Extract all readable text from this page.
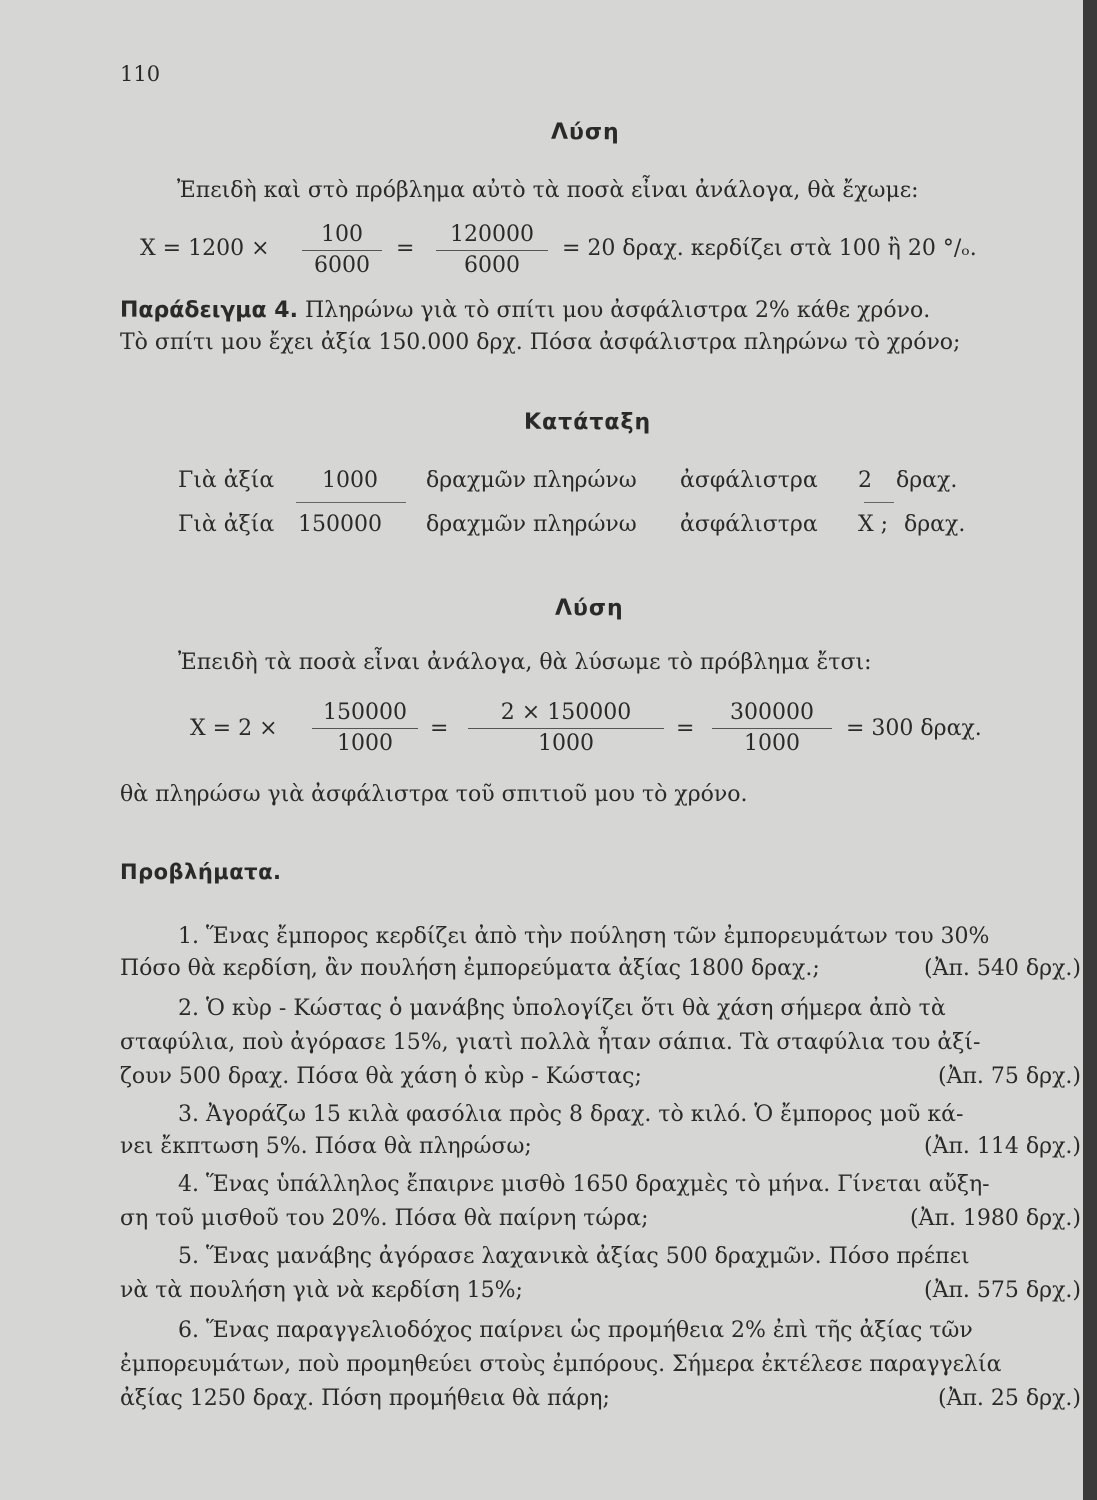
110
Λύση
Ἐπειδὴ καὶ στὸ πρόβλημα αὐτὸ τὰ ποσὰ εἶναι ἀνάλογα, θὰ ἔχωμε:
$X = 1200 \times \frac{100}{6000} = \frac{120000}{6000} = 20$ δραχ. κερδίζει στὰ 100 ἢ 20 °/ₒ.
Παράδειγμα 4. Πληρώνω γιὰ τὸ σπίτι μου ἀσφάλιστρα 2% κάθε χρόνο.
Τὸ σπίτι μου ἔχει ἀξία 150.000 δρχ. Πόσα ἀσφάλιστρα πληρώνω τὸ χρόνο;
Κατάταξη
Γιὰ ἀξία 1000 δραχμῶν πληρώνω ἀσφάλιστρα 2 δραχ.
Γιὰ ἀξία 150000 δραχμῶν πληρώνω ἀσφάλιστρα Χ ; δραχ.
Λύση
Ἐπειδὴ τὰ ποσὰ εἶναι ἀνάλογα, θὰ λύσωμε τὸ πρόβλημα ἔτσι:
$X = 2 \times \frac{150000}{1000} = \frac{2 \times 150000}{1000} = \frac{300000}{1000} = 300$ δραχ.
θὰ πληρώσω γιὰ ἀσφάλιστρα τοῦ σπιτιοῦ μου τὸ χρόνο.
Προβλήματα.
1. Ἕνας ἔμπορος κερδίζει ἀπὸ τὴν πούληση τῶν ἐμπορευμάτων του 30%
Πόσο θὰ κερδίση, ἂν πουλήση ἐμπορεύματα ἀξίας 1800 δραχ.;	(Ἀπ. 540 δρχ.)
2. Ὁ κὺρ - Κώστας ὁ μανάβης ὑπολογίζει ὅτι θὰ χάση σήμερα ἀπὸ τὰ
σταφύλια, ποὺ ἀγόρασε 15%, γιατὶ πολλὰ ἦταν σάπια. Τὰ σταφύλια του ἀξί-
ζουν 500 δραχ. Πόσα θὰ χάση ὁ κὺρ - Κώστας;	(Ἀπ. 75 δρχ.)
3. Ἀγοράζω 15 κιλὰ φασόλια πρὸς 8 δραχ. τὸ κιλό. Ὁ ἔμπορος μοῦ κά-
νει ἔκπτωση 5%. Πόσα θὰ πληρώσω;	(Ἀπ. 114 δρχ.)
4. Ἕνας ὑπάλληλος ἔπαιρνε μισθὸ 1650 δραχμὲς τὸ μήνα. Γίνεται αὔξη-
ση τοῦ μισθοῦ του 20%. Πόσα θὰ παίρνη τώρα;	(Ἀπ. 1980 δρχ.)
5. Ἕνας μανάβης ἀγόρασε λαχανικὰ ἀξίας 500 δραχμῶν. Πόσο πρέπει
νὰ τὰ πουλήση γιὰ νὰ κερδίση 15%;	(Ἀπ. 575 δρχ.)
6. Ἕνας παραγγελιοδόχος παίρνει ὡς προμήθεια 2% ἐπὶ τῆς ἀξίας τῶν
ἐμπορευμάτων, ποὺ προμηθεύει στοὺς ἐμπόρους. Σήμερα ἐκτέλεσε παραγγελία
ἀξίας 1250 δραχ. Πόση προμήθεια θὰ πάρη;	(Ἀπ. 25 δρχ.)
